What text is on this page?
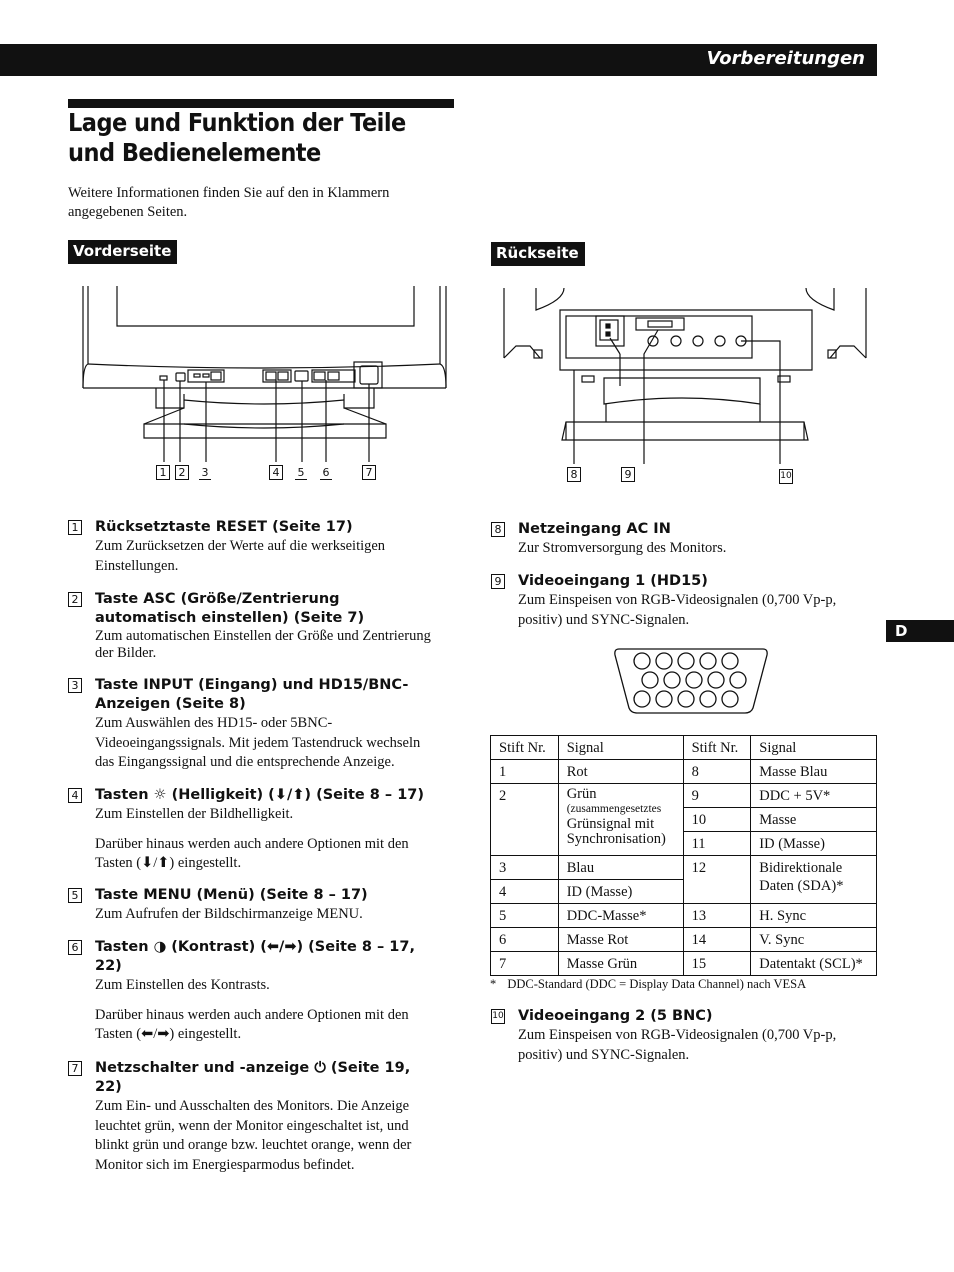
Vorbereitungen
Lage und Funktion der Teile und Bedienelemente
Weitere Informationen finden Sie auf den in Klammern angegebenen Seiten.
D
Vorderseite	Rückseite
1	2	3	4	5 6	7	8	9	10
1 Rücksetztaste RESET (Seite 17)

Zum Zurücksetzen der Werte auf die werkseitigen Einstellungen.

2 Taste ASC (Größe/Zentrierung automatisch einstellen) (Seite 7)

Zum automatischen Einstellen der Größe und Zentrierung der Bilder.

3 Taste INPUT (Eingang) und HD15/BNC-Anzeigen (Seite 8)

Zum Auswählen des HD15- oder 5BNC-Videoeingangssignals. Mit jedem Tastendruck wechseln das Eingangssignal und die entsprechende Anzeige.

4 Tasten ☼ (Helligkeit) (⬇/⬆) (Seite 8 – 17)

Zum Einstellen der Bildhelligkeit.

Darüber hinaus werden auch andere Optionen mit den Tasten (⬇/⬆) eingestellt.

5 Taste MENU (Menü) (Seite 8 – 17)

Zum Aufrufen der Bildschirmanzeige MENU.

6 Tasten ◑ (Kontrast) (⬅/➡) (Seite 8 – 17, 22)

Zum Einstellen des Kontrasts.

Darüber hinaus werden auch andere Optionen mit den Tasten (⬅/➡) eingestellt.

7 Netzschalter und -anzeige ⏻ (Seite 19, 22)

Zum Ein- und Ausschalten des Monitors. Die Anzeige leuchtet grün, wenn der Monitor eingeschaltet ist, und blinkt grün und orange bzw. leuchtet orange, wenn der Monitor sich im Energiesparmodus befindet.

8 Netzeingang AC IN

Zur Stromversorgung des Monitors.

9 Videoeingang 1 (HD15)

Zum Einspeisen von RGB-Videosignalen (0,700 Vp-p, positiv) und SYNC-Signalen.

Stift Nr.	Signal	Stift Nr.	Signal
1	Rot	8	Masse Blau
2	Grün
(zusammengesetztes
Grünsignal mit Synchronisation)	9	DDC + 5V*
		10	Masse
		11	ID (Masse)
3	Blau	12	Bidirektionale Daten (SDA)*
4	ID (Masse)		
5	DDC-Masse*	13	H. Sync
6	Masse Rot	14	V. Sync
7	Masse Grün	15	Datentakt (SCL)*
* DDC-Standard (DDC = Display Data Channel) nach VESA
10 Videoeingang 2 (5 BNC)

Zum Einspeisen von RGB-Videosignalen (0,700 Vp-p, positiv) und SYNC-Signalen.
